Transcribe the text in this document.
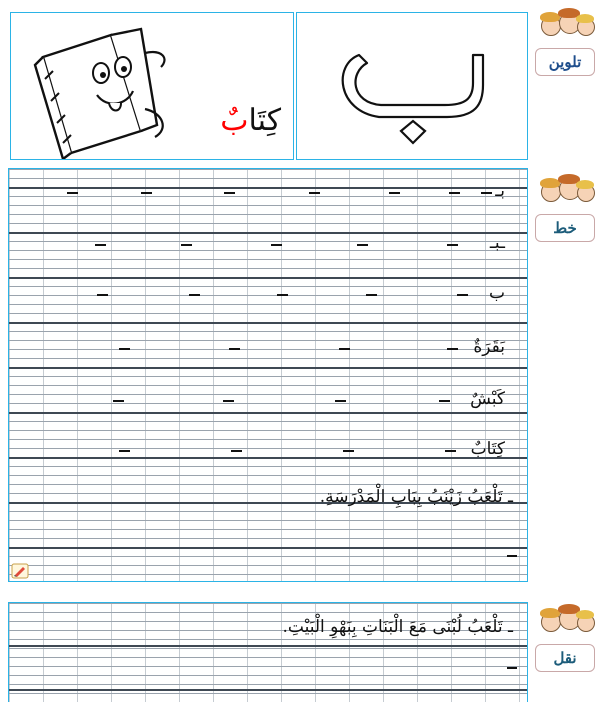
كِتَابٌ
تلوين
بـ
ـبـ
ب
بَقَرَةٌ
كَبْشٌ
كِتَابٌ
ـ تَلْعَبُ زَيْنَبُ بِبَابِ الْمَدْرَسَةِ.
خط
ـ تَلْعَبُ لُبْنَى مَعَ الْبَنَاتِ بِبَهْوِ الْبَيْتِ.
نقل
